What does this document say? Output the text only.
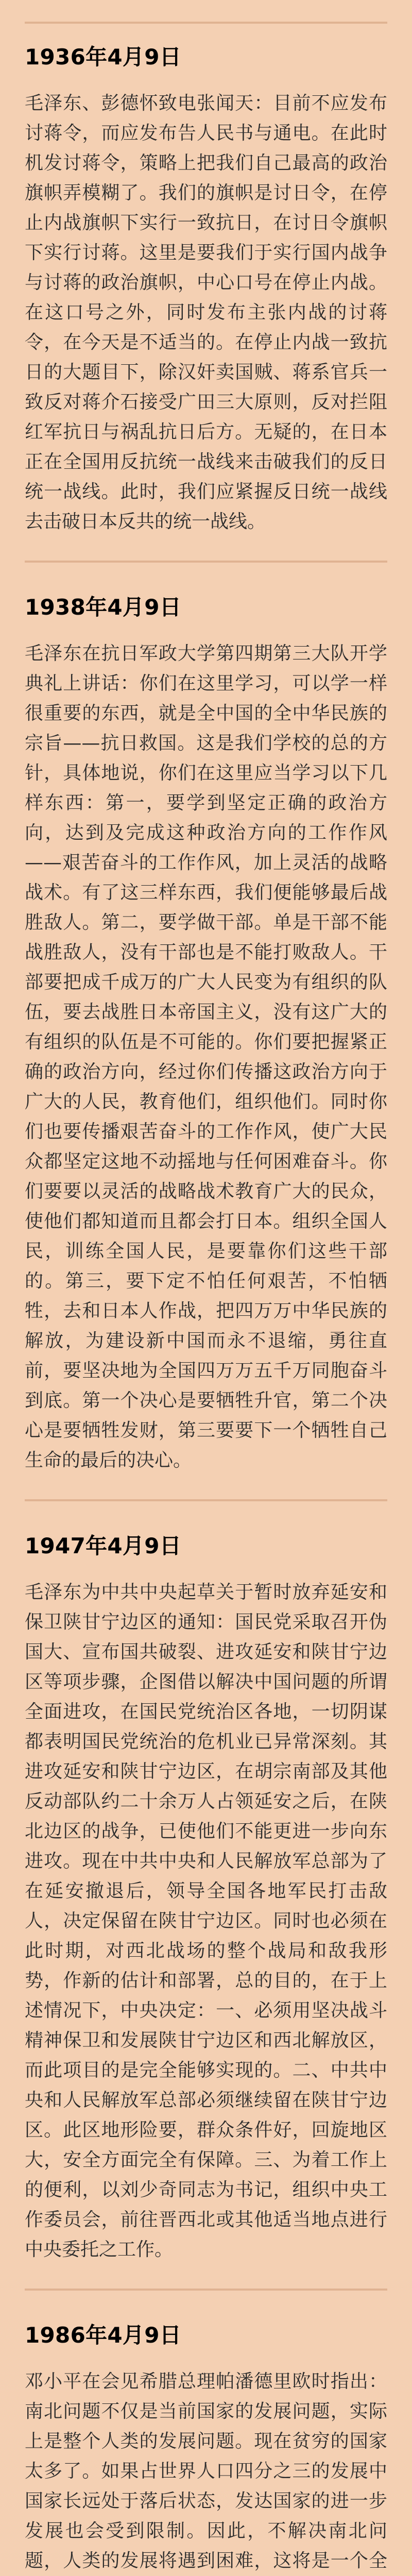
1936年4月9日

毛泽东、彭德怀致电张闻天：目前不应发布讨蒋令，而应发布告人民书与通电。在此时机发讨蒋令，策略上把我们自己最高的政治旗帜弄模糊了。我们的旗帜是讨日令，在停止内战旗帜下实行一致抗日，在讨日令旗帜下实行讨蒋。这里是要我们于实行国内战争与讨蒋的政治旗帜，中心口号在停止内战。在这口号之外，同时发布主张内战的讨蒋令，在今天是不适当的。在停止内战一致抗日的大题目下，除汉奸卖国贼、蒋系官兵一致反对蒋介石接受广田三大原则，反对拦阻红军抗日与祸乱抗日后方。无疑的，在日本正在全国用反抗统一战线来击破我们的反日统一战线。此时，我们应紧握反日统一战线去击破日本反共的统一战线。

1938年4月9日

毛泽东在抗日军政大学第四期第三大队开学典礼上讲话：你们在这里学习，可以学一样很重要的东西，就是全中国的全中华民族的宗旨——抗日救国。这是我们学校的总的方针，具体地说，你们在这里应当学习以下几样东西：第一，要学到坚定正确的政治方向，达到及完成这种政治方向的工作作风——艰苦奋斗的工作作风，加上灵活的战略战术。有了这三样东西，我们便能够最后战胜敌人。第二，要学做干部。单是干部不能战胜敌人，没有干部也是不能打败敌人。干部要把成千成万的广大人民变为有组织的队伍，要去战胜日本帝国主义，没有这广大的有组织的队伍是不可能的。你们要把握紧正确的政治方向，经过你们传播这政治方向于广大的人民，教育他们，组织他们。同时你们也要传播艰苦奋斗的工作作风，使广大民众都坚定这地不动摇地与任何困难奋斗。你们要要以灵活的战略战术教育广大的民众，使他们都知道而且都会打日本。组织全国人民，训练全国人民，是要靠你们这些干部的。第三，要下定不怕任何艰苦，不怕牺牲，去和日本人作战，把四万万中华民族的解放，为建设新中国而永不退缩，勇往直前，要坚决地为全国四万万五千万同胞奋斗到底。第一个决心是要牺牲升官，第二个决心是要牺牲发财，第三要要下一个牺牲自己生命的最后的决心。

1947年4月9日

毛泽东为中共中央起草关于暂时放弃延安和保卫陕甘宁边区的通知：国民党采取召开伪国大、宣布国共破裂、进攻延安和陕甘宁边区等项步骤，企图借以解决中国问题的所谓全面进攻，在国民党统治区各地，一切阴谋都表明国民党统治的危机业已异常深刻。其进攻延安和陕甘宁边区，在胡宗南部及其他反动部队约二十余万人占领延安之后，在陕北边区的战争，已使他们不能更进一步向东进攻。现在中共中央和人民解放军总部为了在延安撤退后，领导全国各地军民打击敌人，决定保留在陕甘宁边区。同时也必须在此时期，对西北战场的整个战局和敌我形势，作新的估计和部署，总的目的，在于上述情况下，中央决定：一、必须用坚决战斗精神保卫和发展陕甘宁边区和西北解放区，而此项目的是完全能够实现的。二、中共中央和人民解放军总部必须继续留在陕甘宁边区。此区地形险要，群众条件好，回旋地区大，安全方面完全有保障。三、为着工作上的便利，以刘少奇同志为书记，组织中央工作委员会，前往晋西北或其他适当地点进行中央委托之工作。

1986年4月9日

邓小平在会见希腊总理帕潘德里欧时指出：南北问题不仅是当前国家的发展问题，实际上是整个人类的发展问题。现在贫穷的国家太多了。如果占世界人口四分之三的发展中国家长远处于落后状态，发达国家的进一步发展也会受到限制。因此，不解决南北问题，人类的发展将遇到困难，这将是一个全
